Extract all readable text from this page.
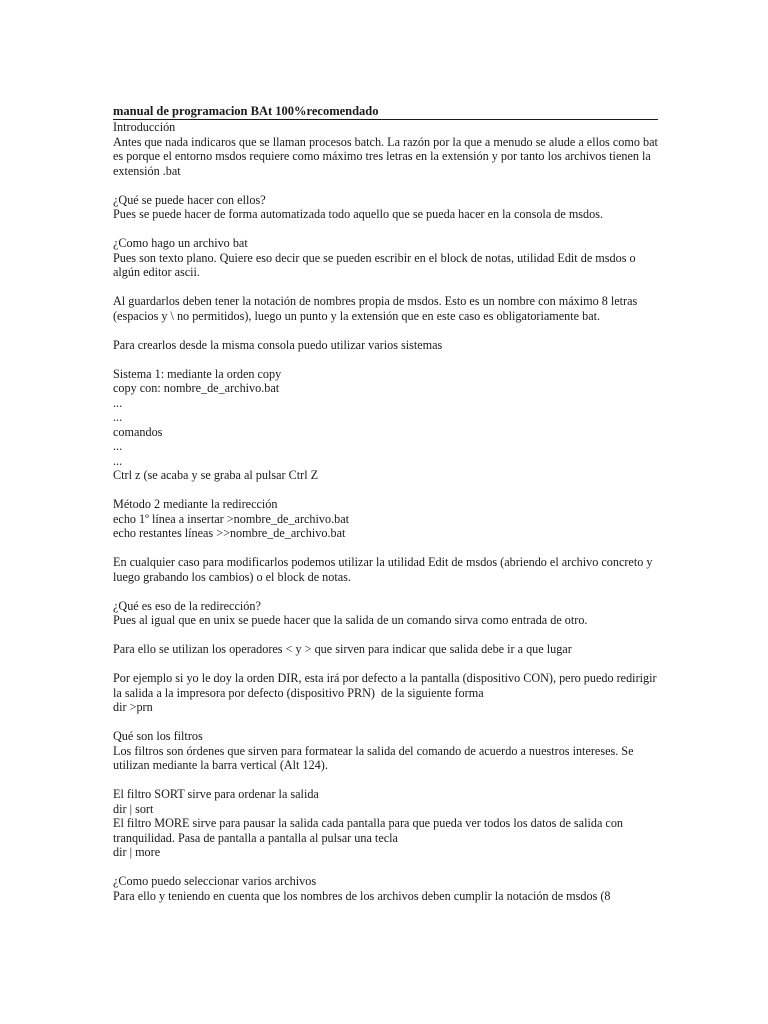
manual de programacion BAt 100%recomendado
Introducción
Antes que nada indicaros que se llaman procesos batch. La razón por la que a menudo se alude a ellos como bat es porque el entorno msdos requiere como máximo tres letras en la extensión y por tanto los archivos tienen la extensión .bat
¿Qué se puede hacer con ellos?
Pues se puede hacer de forma automatizada todo aquello que se pueda hacer en la consola de msdos.
¿Como hago un archivo bat
Pues son texto plano. Quiere eso decir que se pueden escribir en el block de notas, utilidad Edit de msdos o algún editor ascii.
Al guardarlos deben tener la notación de nombres propia de msdos. Esto es un nombre con máximo 8 letras (espacios y \ no permitidos), luego un punto y la extensión que en este caso es obligatoriamente bat.
Para crearlos desde la misma consola puedo utilizar varios sistemas
Sistema 1: mediante la orden copy
copy con: nombre_de_archivo.bat
...
...
comandos
...
...
Ctrl z (se acaba y se graba al pulsar Ctrl Z
Método 2 mediante la redirección
echo 1º línea a insertar >nombre_de_archivo.bat
echo restantes líneas >>nombre_de_archivo.bat
En cualquier caso para modificarlos podemos utilizar la utilidad Edit de msdos (abriendo el archivo concreto y luego grabando los cambios) o el block de notas.
¿Qué es eso de la redirección?
Pues al igual que en unix se puede hacer que la salida de un comando sirva como entrada de otro.
Para ello se utilizan los operadores < y > que sirven para indicar que salida debe ir a que lugar
Por ejemplo si yo le doy la orden DIR, esta irá por defecto a la pantalla (dispositivo CON), pero puedo redirigir la salida a la impresora por defecto (dispositivo PRN)  de la siguiente forma
dir >prn
Qué son los filtros
Los filtros son órdenes que sirven para formatear la salida del comando de acuerdo a nuestros intereses. Se utilizan mediante la barra vertical (Alt 124).
El filtro SORT sirve para ordenar la salida
dir | sort
El filtro MORE sirve para pausar la salida cada pantalla para que pueda ver todos los datos de salida con tranquilidad. Pasa de pantalla a pantalla al pulsar una tecla
dir | more
¿Como puedo seleccionar varios archivos
Para ello y teniendo en cuenta que los nombres de los archivos deben cumplir la notación de msdos (8
